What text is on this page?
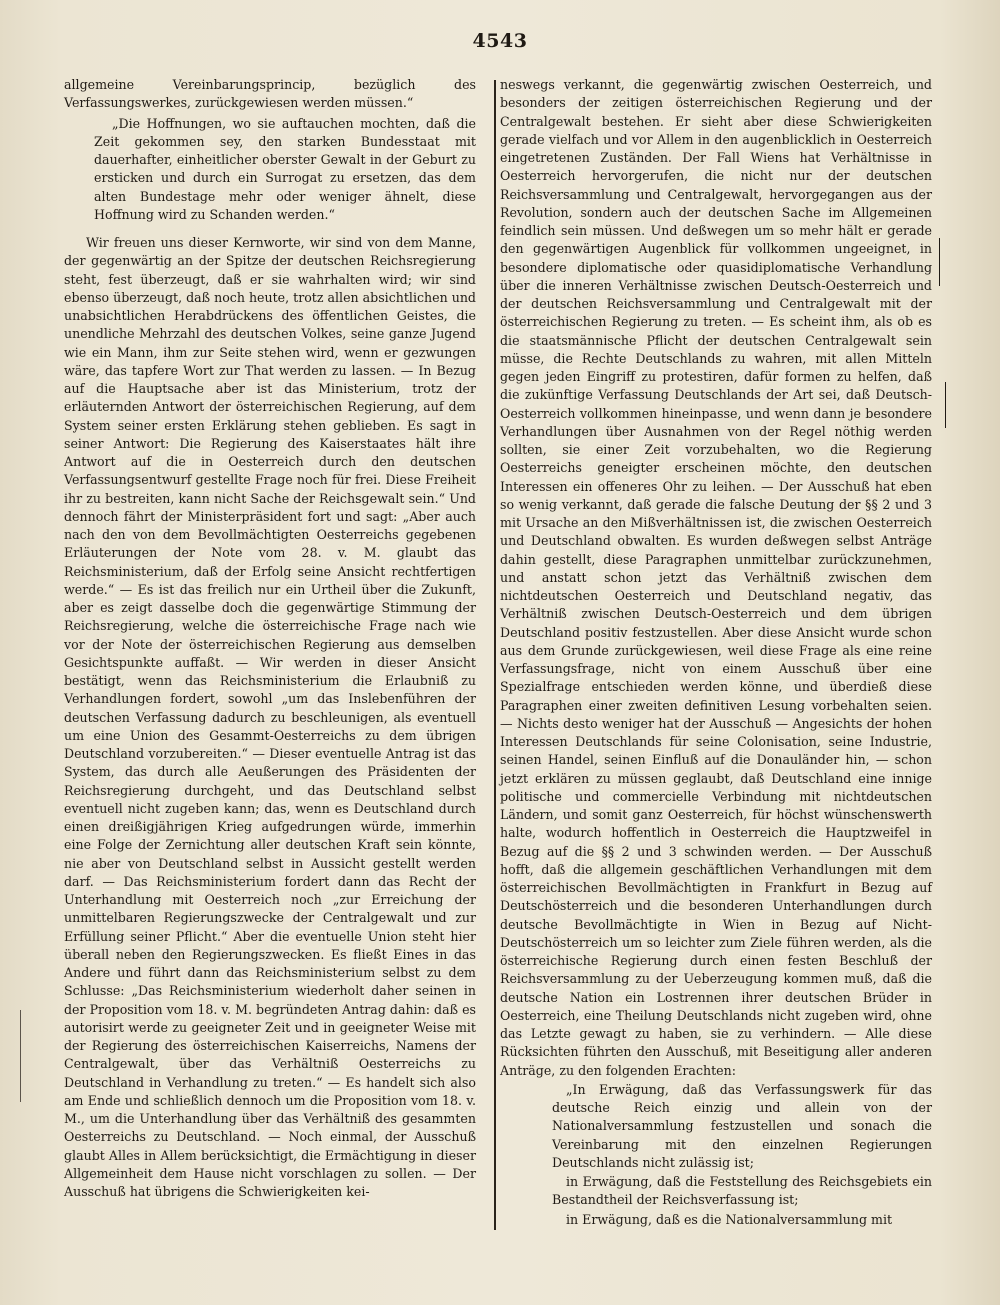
4543

allgemeine Vereinbarungsprincip, bezüglich des Verfassungswerkes, zurückgewiesen werden müssen.“

„Die Hoffnungen, wo sie auftauchen mochten, daß die Zeit gekommen sey, den starken Bundesstaat mit dauerhafter, einheitlicher oberster Gewalt in der Geburt zu ersticken und durch ein Surrogat zu ersetzen, das dem alten Bundestage mehr oder weniger ähnelt, diese Hoffnung wird zu Schanden werden.“

Wir freuen uns dieser Kernworte, wir sind von dem Manne, der gegenwärtig an der Spitze der deutschen Reichsregierung steht, fest überzeugt, daß er sie wahrhalten wird; wir sind ebenso überzeugt, daß noch heute, trotz allen absichtlichen und unabsichtlichen Herabdrückens des öffentlichen Geistes, die unendliche Mehrzahl des deutschen Volkes, seine ganze Jugend wie ein Mann, ihm zur Seite stehen wird, wenn er gezwungen wäre, das tapfere Wort zur That werden zu lassen. — In Bezug auf die Hauptsache aber ist das Ministerium, trotz der erläuternden Antwort der österreichischen Regierung, auf dem System seiner ersten Erklärung stehen geblieben. Es sagt in seiner Antwort: Die Regierung des Kaiserstaates hält ihre Antwort auf die in Oesterreich durch den deutschen Verfassungsentwurf gestellte Frage noch für frei. Diese Freiheit ihr zu bestreiten, kann nicht Sache der Reichsgewalt sein.“ Und dennoch fährt der Ministerpräsident fort und sagt: „Aber auch nach den von dem Bevollmächtigten Oesterreichs gegebenen Erläuterungen der Note vom 28. v. M. glaubt das Reichsministerium, daß der Erfolg seine Ansicht rechtfertigen werde.“ — Es ist das freilich nur ein Urtheil über die Zukunft, aber es zeigt dasselbe doch die gegenwärtige Stimmung der Reichsregierung, welche die österreichische Frage nach wie vor der Note der österreichischen Regierung aus demselben Gesichtspunkte auffaßt. — Wir werden in dieser Ansicht bestätigt, wenn das Reichsministerium die Erlaubniß zu Verhandlungen fordert, sowohl „um das Inslebenführen der deutschen Verfassung dadurch zu beschleunigen, als eventuell um eine Union des Gesammt-Oesterreichs zu dem übrigen Deutschland vorzubereiten.“ — Dieser eventuelle Antrag ist das System, das durch alle Aeußerungen des Präsidenten der Reichsregierung durchgeht, und das Deutschland selbst eventuell nicht zugeben kann; das, wenn es Deutschland durch einen dreißigjährigen Krieg aufgedrungen würde, immerhin eine Folge der Zernichtung aller deutschen Kraft sein könnte, nie aber von Deutschland selbst in Aussicht gestellt werden darf. — Das Reichsministerium fordert dann das Recht der Unterhandlung mit Oesterreich noch „zur Erreichung der unmittelbaren Regierungszwecke der Centralgewalt und zur Erfüllung seiner Pflicht.“ Aber die eventuelle Union steht hier überall neben den Regierungszwecken. Es fließt Eines in das Andere und führt dann das Reichsministerium selbst zu dem Schlusse: „Das Reichsministerium wiederholt daher seinen in der Proposition vom 18. v. M. begründeten Antrag dahin: daß es autorisirt werde zu geeigneter Zeit und in geeigneter Weise mit der Regierung des österreichischen Kaiserreichs, Namens der Centralgewalt, über das Verhältniß Oesterreichs zu Deutschland in Verhandlung zu treten.“ — Es handelt sich also am Ende und schließlich dennoch um die Proposition vom 18. v. M., um die Unterhandlung über das Verhältniß des gesammten Oesterreichs zu Deutschland. — Noch einmal, der Ausschuß glaubt Alles in Allem berücksichtigt, die Ermächtigung in dieser Allgemeinheit dem Hause nicht vorschlagen zu sollen. — Der Ausschuß hat übrigens die Schwierigkeiten kei-

neswegs verkannt, die gegenwärtig zwischen Oesterreich, und besonders der zeitigen österreichischen Regierung und der Centralgewalt bestehen. Er sieht aber diese Schwierigkeiten gerade vielfach und vor Allem in den augenblicklich in Oesterreich eingetretenen Zuständen. Der Fall Wiens hat Verhältnisse in Oesterreich hervorgerufen, die nicht nur der deutschen Reichsversammlung und Centralgewalt, hervorgegangen aus der Revolution, sondern auch der deutschen Sache im Allgemeinen feindlich sein müssen. Und deßwegen um so mehr hält er gerade den gegenwärtigen Augenblick für vollkommen ungeeignet, in besondere diplomatische oder quasidiplomatische Verhandlung über die inneren Verhältnisse zwischen Deutsch-Oesterreich und der deutschen Reichsversammlung und Centralgewalt mit der österreichischen Regierung zu treten. — Es scheint ihm, als ob es die staatsmännische Pflicht der deutschen Centralgewalt sein müsse, die Rechte Deutschlands zu wahren, mit allen Mitteln gegen jeden Eingriff zu protestiren, dafür formen zu helfen, daß die zukünftige Verfassung Deutschlands der Art sei, daß Deutsch-Oesterreich vollkommen hineinpasse, und wenn dann je besondere Verhandlungen über Ausnahmen von der Regel nöthig werden sollten, sie einer Zeit vorzubehalten, wo die Regierung Oesterreichs geneigter erscheinen möchte, den deutschen Interessen ein offeneres Ohr zu leihen. — Der Ausschuß hat eben so wenig verkannt, daß gerade die falsche Deutung der §§ 2 und 3 mit Ursache an den Mißverhältnissen ist, die zwischen Oesterreich und Deutschland obwalten. Es wurden deßwegen selbst Anträge dahin gestellt, diese Paragraphen unmittelbar zurückzunehmen, und anstatt schon jetzt das Verhältniß zwischen dem nichtdeutschen Oesterreich und Deutschland negativ, das Verhältniß zwischen Deutsch-Oesterreich und dem übrigen Deutschland positiv festzustellen. Aber diese Ansicht wurde schon aus dem Grunde zurückgewiesen, weil diese Frage als eine reine Verfassungsfrage, nicht von einem Ausschuß über eine Spezialfrage entschieden werden könne, und überdieß diese Paragraphen einer zweiten definitiven Lesung vorbehalten seien. — Nichts desto weniger hat der Ausschuß — Angesichts der hohen Interessen Deutschlands für seine Colonisation, seine Industrie, seinen Handel, seinen Einfluß auf die Donauländer hin, — schon jetzt erklären zu müssen geglaubt, daß Deutschland eine innige politische und commercielle Verbindung mit nichtdeutschen Ländern, und somit ganz Oesterreich, für höchst wünschenswerth halte, wodurch hoffentlich in Oesterreich die Hauptzweifel in Bezug auf die §§ 2 und 3 schwinden werden. — Der Ausschuß hofft, daß die allgemein geschäftlichen Verhandlungen mit dem österreichischen Bevollmächtigten in Frankfurt in Bezug auf Deutschösterreich und die besonderen Unterhandlungen durch deutsche Bevollmächtigte in Wien in Bezug auf Nicht-Deutschösterreich um so leichter zum Ziele führen werden, als die österreichische Regierung durch einen festen Beschluß der Reichsversammlung zu der Ueberzeugung kommen muß, daß die deutsche Nation ein Lostrennen ihrer deutschen Brüder in Oesterreich, eine Theilung Deutschlands nicht zugeben wird, ohne das Letzte gewagt zu haben, sie zu verhindern. — Alle diese Rücksichten führten den Ausschuß, mit Beseitigung aller anderen Anträge, zu den folgenden Erachten:

„In Erwägung, daß das Verfassungswerk für das deutsche Reich einzig und allein von der Nationalversammlung festzustellen und sonach die Vereinbarung mit den einzelnen Regierungen Deutschlands nicht zulässig ist;

in Erwägung, daß die Feststellung des Reichsgebiets ein Bestandtheil der Reichsverfassung ist;

in Erwägung, daß es die Nationalversammlung mit
